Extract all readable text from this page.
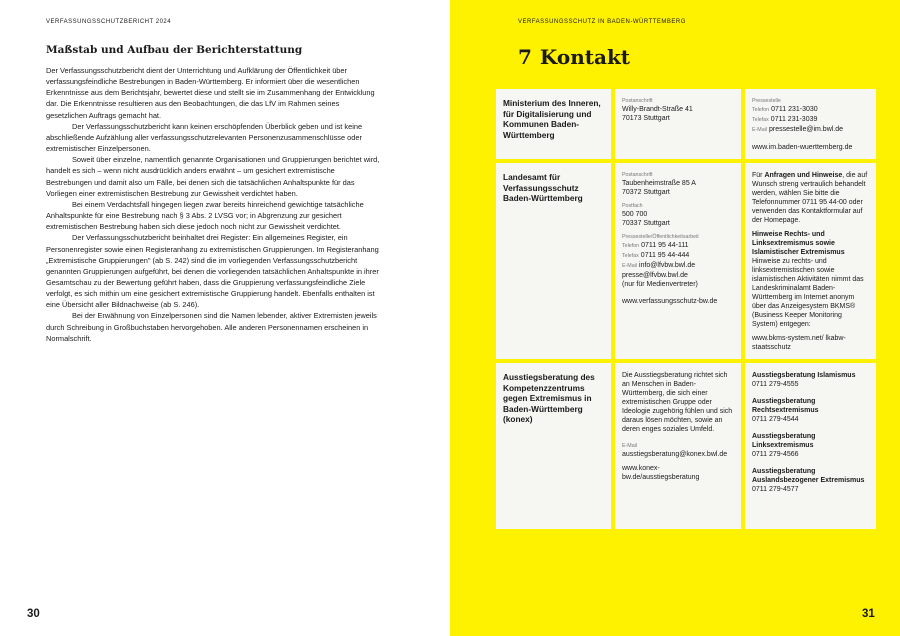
VERFASSUNGSSCHUTZBERICHT 2024
Maßstab und Aufbau der Berichterstattung

Der Verfassungsschutzbericht dient der Unterrichtung und Aufklärung der Öffentlichkeit über verfassungsfeindliche Bestrebungen in Baden-Württemberg. Er informiert über die wesentlichen Erkenntnisse aus dem Berichtsjahr, bewertet diese und stellt sie im Zusammenhang der Entwicklung dar. Die Erkenntnisse resultieren aus den Beobachtungen, die das LfV im Rahmen seines gesetzlichen Auftrags gemacht hat.

Der Verfassungsschutzbericht kann keinen erschöpfenden Überblick geben und ist keine abschließende Aufzählung aller verfassungsschutzrelevanten Personenzusammenschlüsse oder extremistischer Einzelpersonen.

Soweit über einzelne, namentlich genannte Organisationen und Gruppierungen berichtet wird, handelt es sich – wenn nicht ausdrücklich anders erwähnt – um gesichert extremistische Bestrebungen und damit also um Fälle, bei denen sich die tatsächlichen Anhaltspunkte für das Vorliegen einer extremistischen Bestrebung zur Gewissheit verdichtet haben.

Bei einem Verdachtsfall hingegen liegen zwar bereits hinreichend gewichtige tatsächliche Anhaltspunkte für eine Bestrebung nach § 3 Abs. 2 LVSG vor; in Abgrenzung zur gesichert extremistischen Bestrebung haben sich diese jedoch noch nicht zur Gewissheit verdichtet.

Der Verfassungsschutzbericht beinhaltet drei Register: Ein allgemeines Register, ein Personenregister sowie einen Registeranhang zu extremistischen Gruppierungen. Im Registeranhang „Extremistische Gruppierungen" (ab S. 242) sind die im vorliegenden Verfassungsschutzbericht genannten Gruppierungen aufgeführt, bei denen die vorliegenden tatsächlichen Anhaltspunkte in ihrer Gesamtschau zu der Bewertung geführt haben, dass die Gruppierung verfassungsfeindliche Ziele verfolgt, es sich mithin um eine gesichert extremistische Gruppierung handelt. Ebenfalls enthalten ist eine Übersicht aller Bildnachweise (ab S. 246).

Bei der Erwähnung von Einzelpersonen sind die Namen lebender, aktiver Extremisten jeweils durch Schreibung in Großbuchstaben hervorgehoben. Alle anderen Personennamen erscheinen in Normalschrift.

30
VERFASSUNGSSCHUTZ IN BADEN-WÜRTTEMBERG
7 Kontakt
Ministerium des Inneren, für Digitalisierung und Kommunen Baden-Württemberg
Postanschrift
Willy-Brandt-Straße 41
70173 Stuttgart
Pressestelle
Telefon 0711 231-3030
Telefax 0711 231-3039
E-Mail pressestelle@im.bwl.de
www.im.baden-wuerttemberg.de
Landesamt für Verfassungsschutz Baden-Württemberg
Postanschrift
Taubenheimstraße 85 A
70372 Stuttgart
Postfach
500 700
70337 Stuttgart
Pressestelle/Öffentlichkeitsarbeit
Telefon 0711 95 44-111
Telefax 0711 95 44-444
E-Mail info@lfvbw.bwl.de
presse@lfvbw.bwl.de
(nur für Medienvertreter)
www.verfassungsschutz-bw.de
Für Anfragen und Hinweise, die auf Wunsch streng vertraulich behandelt werden, wählen Sie bitte die Telefonnummer 0711 95 44-00 oder verwenden das Kontaktformular auf der Homepage.
Hinweise Rechts- und Linksextremismus sowie Islamistischer Extremismus
Hinweise zu rechts- und linksextremistischen sowie islamistischen Aktivitäten nimmt das Landeskriminalamt Baden-Württemberg im Internet anonym über das Anzeigesystem BKMS® (Business Keeper Monitoring System) entgegen:
www.bkms-system.net/ lkabw-staatsschutz
Ausstiegsberatung des Kompetenzzentrums gegen Extremismus in Baden-Württemberg (konex)
Die Ausstiegsberatung richtet sich an Menschen in Baden-Württemberg, die sich einer extremistischen Gruppe oder Ideologie zugehörig fühlen und sich daraus lösen möchten, sowie an deren enges soziales Umfeld.
E-Mail
ausstiegsberatung@konex.bwl.de
www.konex-bw.de/ausstiegsberatung
Ausstiegsberatung Islamismus
0711 279-4555
Ausstiegsberatung Rechtsextremismus
0711 279-4544
Ausstiegsberatung Linksextremismus
0711 279-4566
Ausstiegsberatung Auslandsbezogener Extremismus
0711 279-4577
31
